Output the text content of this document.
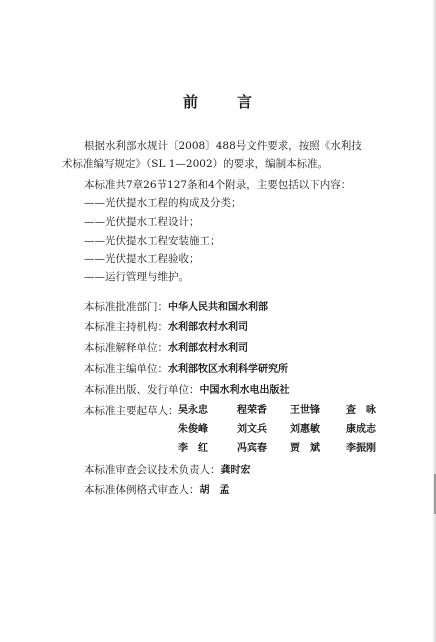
前	言
根据水利部水规计〔2008〕488号文件要求，按照《水利技
术标准编写规定》（SL 1—2002）的要求，编制本标准。
本标准共7章26节127条和4个附录，主要包括以下内容：
——光伏提水工程的构成及分类；
——光伏提水工程设计；
——光伏提水工程安装施工；
——光伏提水工程验收；
——运行管理与维护。
本标准批准部门：中华人民共和国水利部
本标准主持机构：水利部农村水利司
本标准解释单位：水利部农村水利司
本标准主编单位：水利部牧区水利科学研究所
本标准出版、发行单位：中国水利水电出版社
本标准主要起草人： 吴永忠	程荣香 王世锋	查　咏
朱俊峰	刘文兵 刘惠敏	康成志
李　红	冯宾春 贾　斌	李振刚
本标准审查会议技术负责人：龚时宏
本标准体例格式审查人：胡　孟
